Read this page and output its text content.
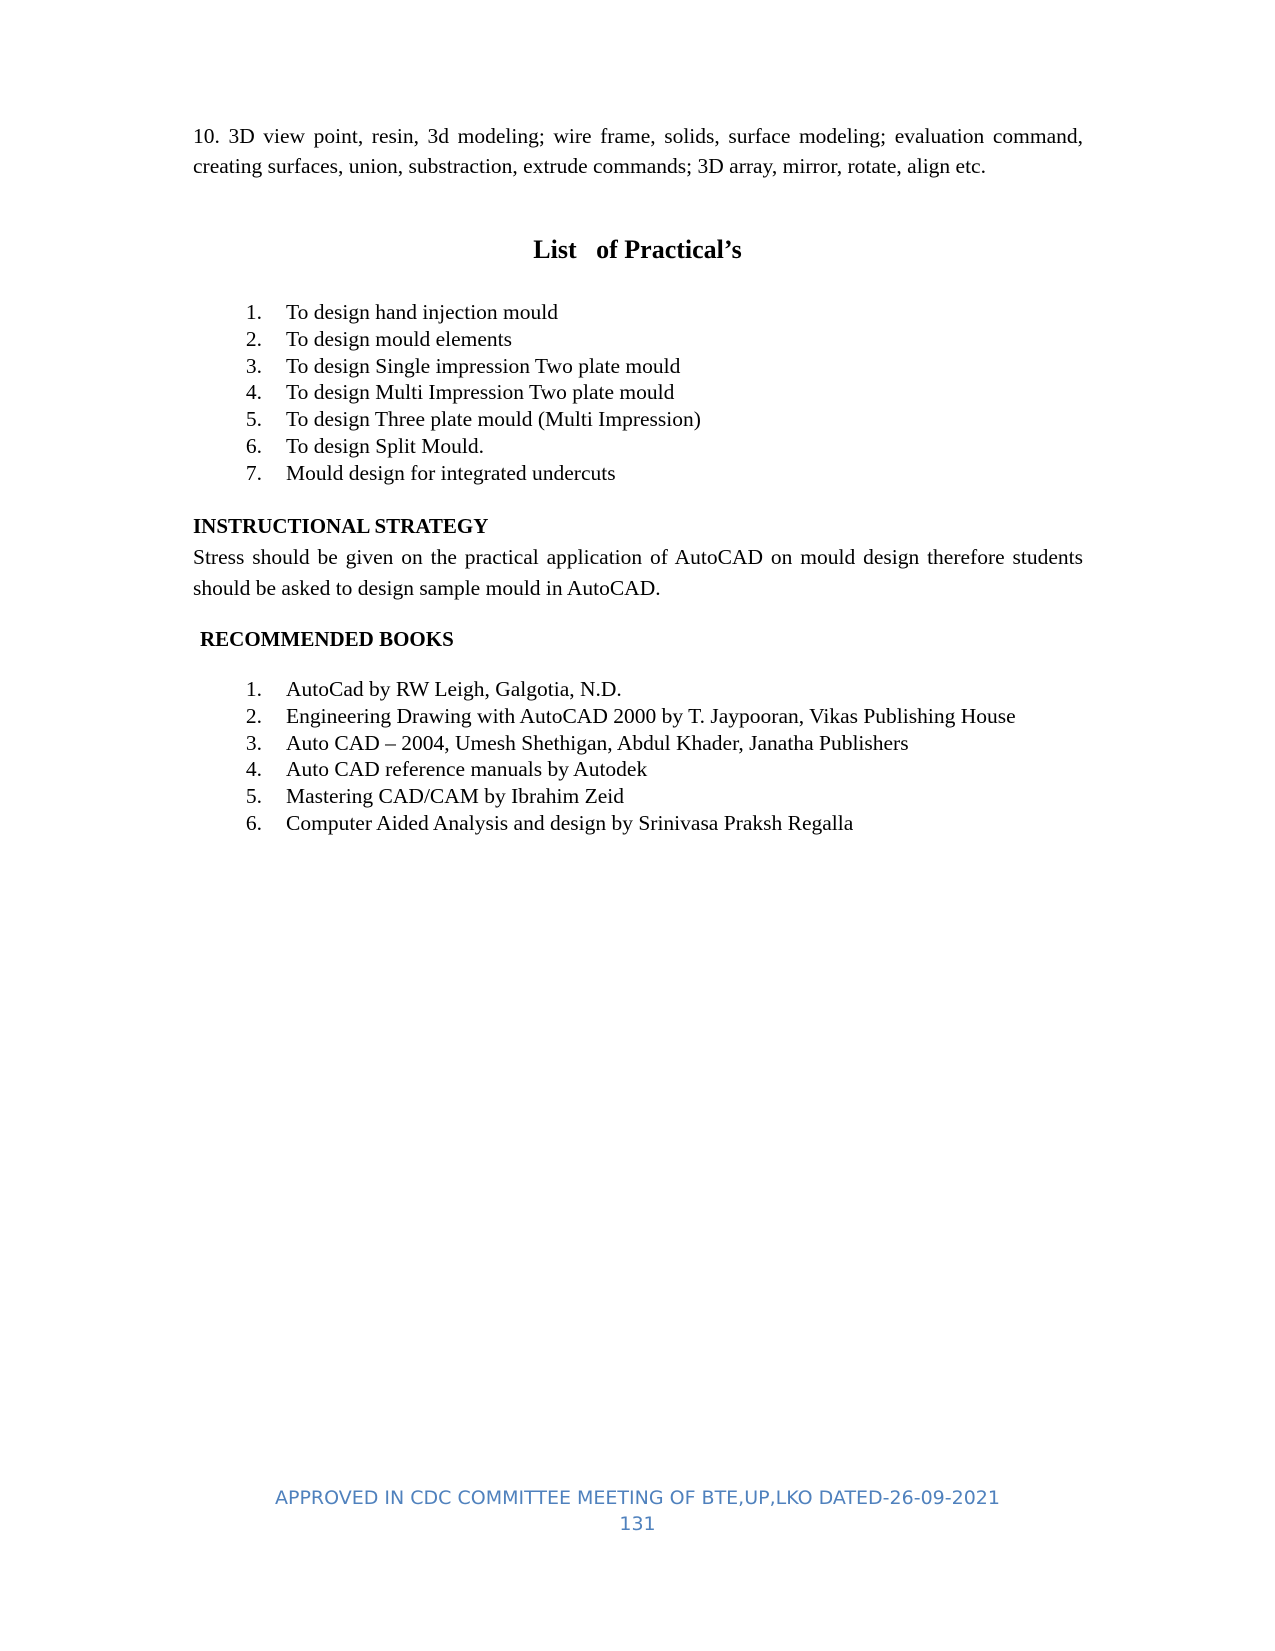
10. 3D view point, resin, 3d modeling; wire frame, solids, surface modeling; evaluation command, creating surfaces, union, substraction, extrude commands; 3D array, mirror, rotate, align etc.

List   of Practical’s
1.	To design hand injection mould
2.	To design mould elements
3.	To design Single impression Two plate mould
4.	To design Multi Impression Two plate mould
5.	To design Three plate mould (Multi Impression)
6.	To design Split Mould.
7.	Mould design for integrated undercuts
INSTRUCTIONAL STRATEGY

Stress should be given on the practical application of AutoCAD on mould design therefore students should be asked to design sample mould in AutoCAD.

RECOMMENDED BOOKS
1.	AutoCad by RW Leigh, Galgotia, N.D.
2.	Engineering Drawing with AutoCAD 2000 by T. Jaypooran, Vikas Publishing House
3.	Auto CAD – 2004, Umesh Shethigan, Abdul Khader, Janatha Publishers
4.	Auto CAD reference manuals by Autodek
5.	Mastering CAD/CAM by Ibrahim Zeid
6.	Computer Aided Analysis and design by Srinivasa Praksh Regalla
APPROVED IN CDC COMMITTEE MEETING OF BTE,UP,LKO DATED-26-09-2021
131
